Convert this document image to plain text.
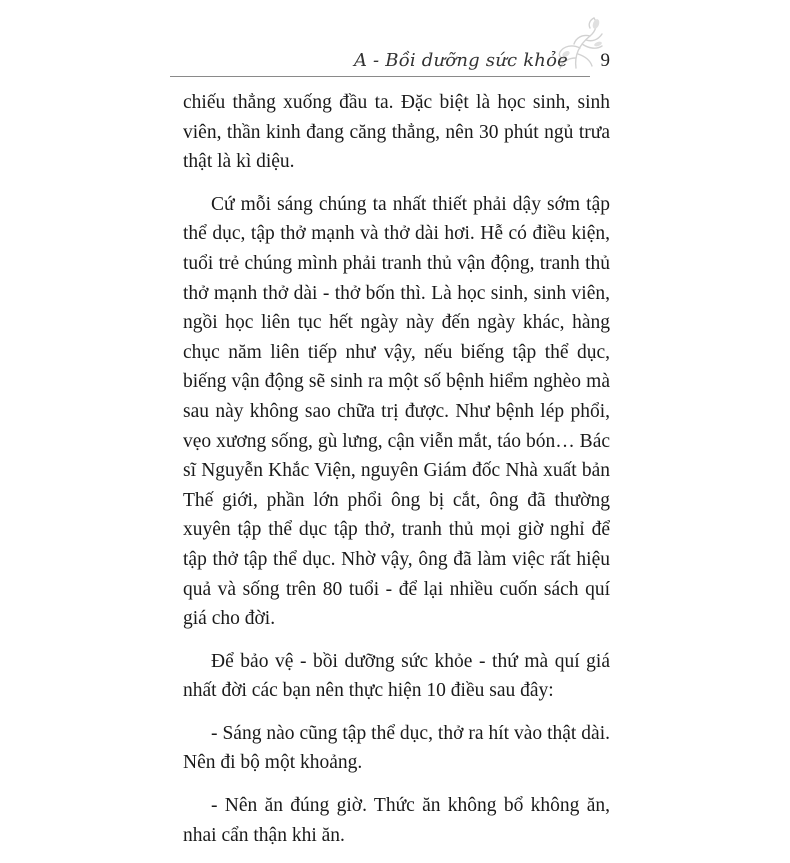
A - Bồi dưỡng sức khỏe 9

chiếu thẳng xuống đầu ta. Đặc biệt là học sinh, sinh viên, thần kinh đang căng thẳng, nên 30 phút ngủ trưa thật là kì diệu.

Cứ mỗi sáng chúng ta nhất thiết phải dậy sớm tập thể dục, tập thở mạnh và thở dài hơi. Hễ có điều kiện, tuổi trẻ chúng mình phải tranh thủ vận động, tranh thủ thở mạnh thở dài - thở bốn thì. Là học sinh, sinh viên, ngồi học liên tục hết ngày này đến ngày khác, hàng chục năm liên tiếp như vậy, nếu biếng tập thể dục, biếng vận động sẽ sinh ra một số bệnh hiểm nghèo mà sau này không sao chữa trị được. Như bệnh lép phổi, vẹo xương sống, gù lưng, cận viễn mắt, táo bón… Bác sĩ Nguyễn Khắc Viện, nguyên Giám đốc Nhà xuất bản Thế giới, phần lớn phổi ông bị cắt, ông đã thường xuyên tập thể dục tập thở, tranh thủ mọi giờ nghỉ để tập thở tập thể dục. Nhờ vậy, ông đã làm việc rất hiệu quả và sống trên 80 tuổi - để lại nhiều cuốn sách quí giá cho đời.

Để bảo vệ - bồi dưỡng sức khỏe - thứ mà quí giá nhất đời các bạn nên thực hiện 10 điều sau đây:

- Sáng nào cũng tập thể dục, thở ra hít vào thật dài. Nên đi bộ một khoảng.

- Nên ăn đúng giờ. Thức ăn không bổ không ăn, nhai cẩn thận khi ăn.
